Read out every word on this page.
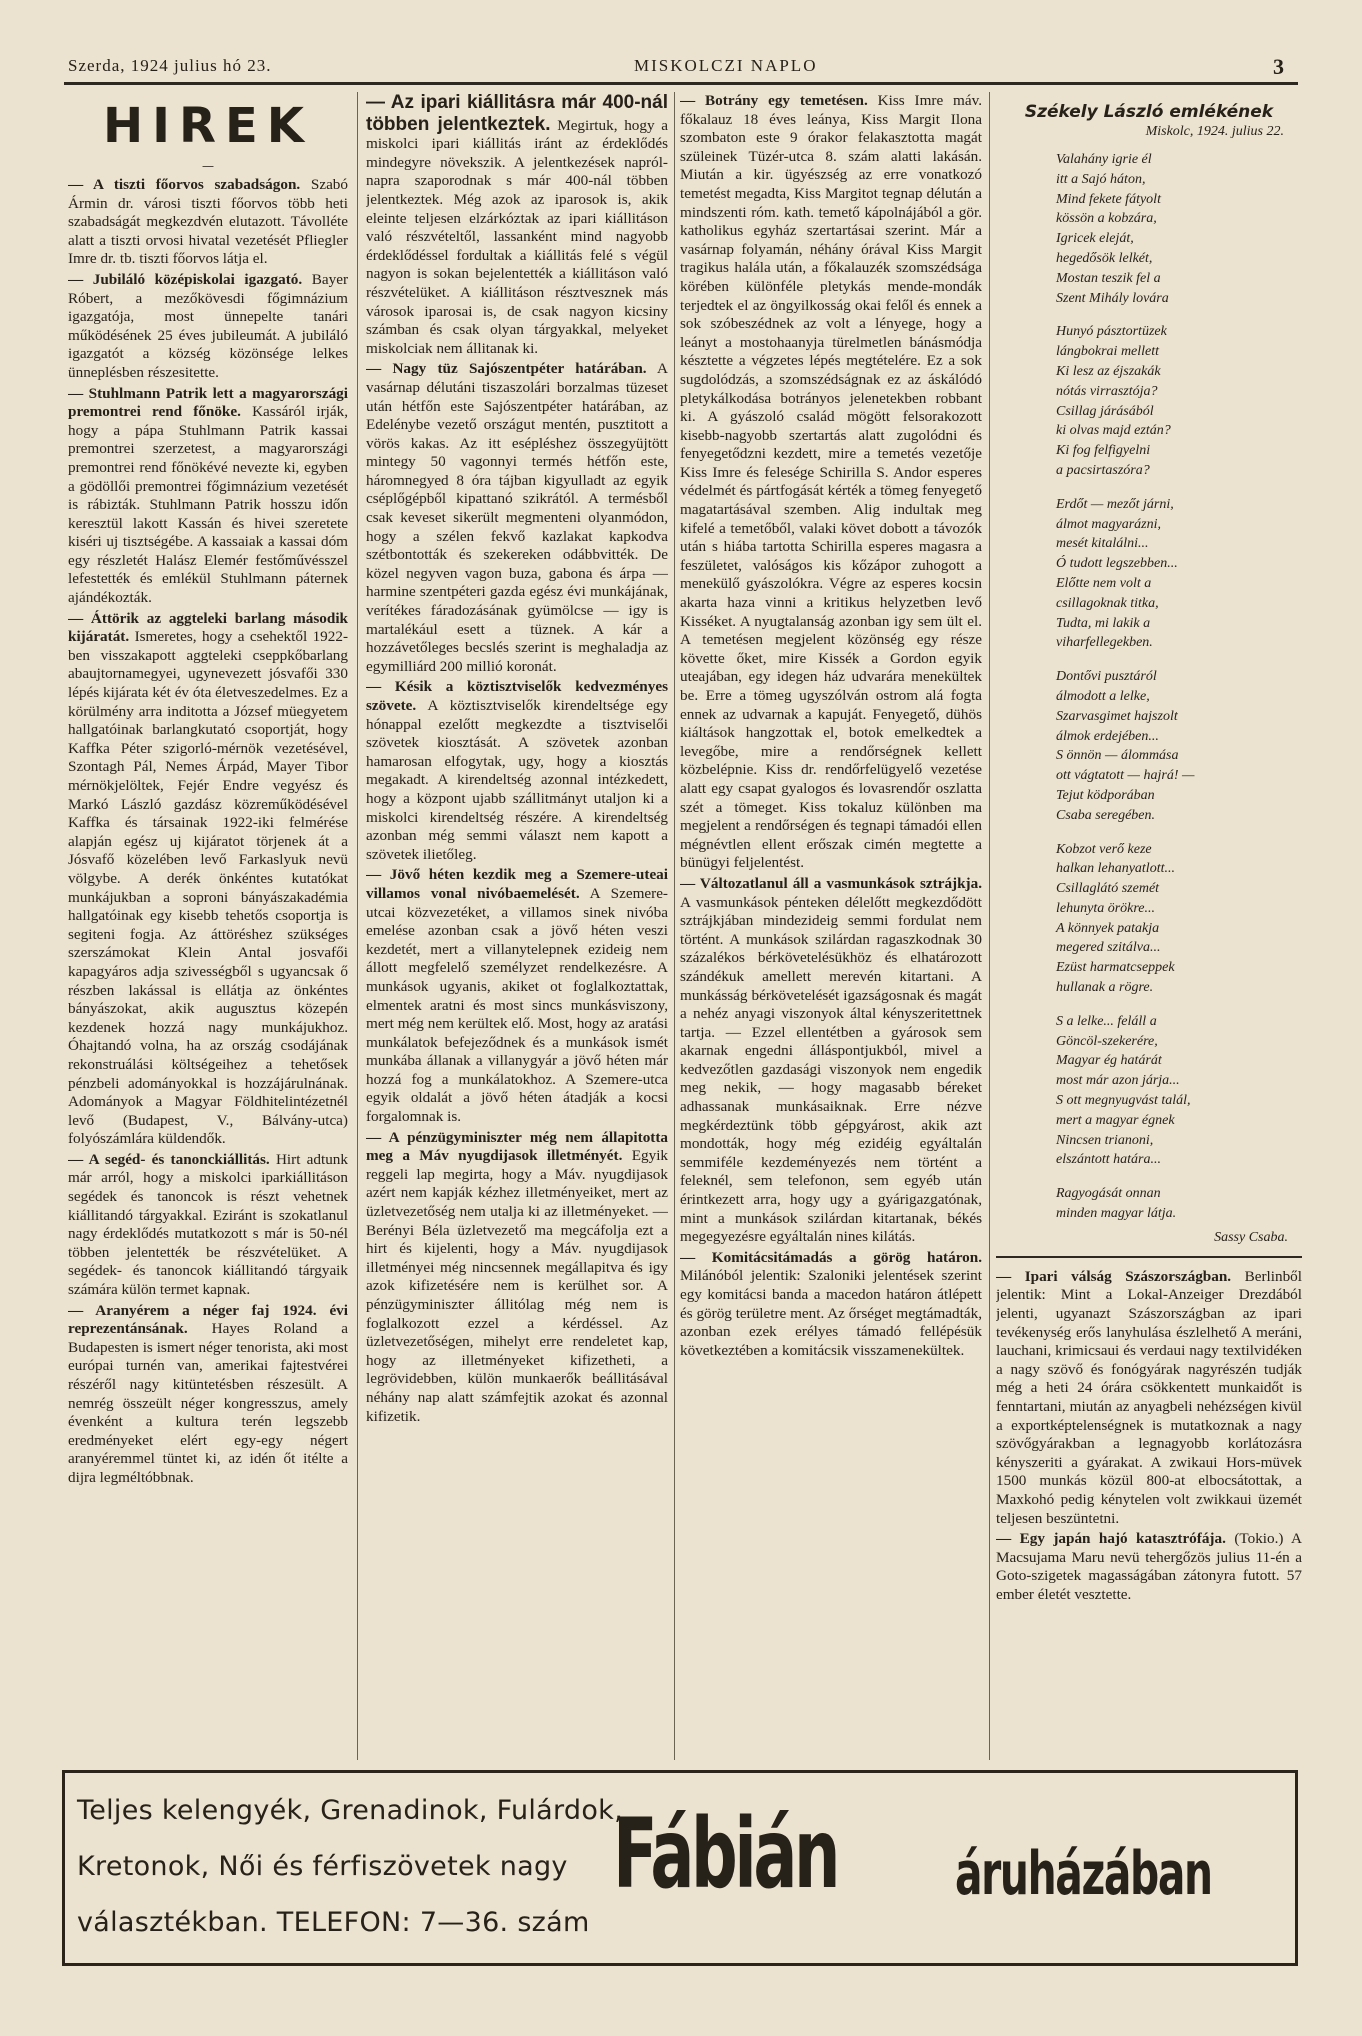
Szerda, 1924 julius hó 23.	MISKOLCZI NAPLO	3
HIREK
—
— A tiszti főorvos szabadságon. Szabó Ármin dr. városi tiszti főorvos több heti szabadságát megkezdvén elutazott. Távolléte alatt a tiszti orvosi hivatal vezetését Pfliegler Imre dr. tb. tiszti főorvos látja el.
— Jubiláló középiskolai igazgató. Bayer Róbert, a mezőkövesdi főgimnázium igazgatója, most ünnepelte tanári működésének 25 éves jubileumát. A jubiláló igazgatót a község közönsége lelkes ünneplésben részesitette.
— Stuhlmann Patrik lett a magyarországi premontrei rend főnöke. Kassáról irják, hogy a pápa Stuhlmann Patrik kassai premontrei szerzetest, a magyarországi premontrei rend főnökévé nevezte ki, egyben a gödöllői premontrei főgimnázium vezetését is rábizták. Stuhlmann Patrik hosszu időn keresztül lakott Kassán és hivei szeretete kiséri uj tisztségébe. A kassaiak a kassai dóm egy részletét Halász Elemér festőművésszel lefestették és emlékül Stuhlmann páternek ajándékozták.
— Áttörik az aggteleki barlang második kijáratát. Ismeretes, hogy a csehektől 1922-ben visszakapott aggteleki cseppkőbarlang abaujtornamegyei, ugynevezett jósvafői 330 lépés kijárata két év óta életveszedelmes. Ez a körülmény arra inditotta a József müegyetem hallgatóinak barlangkutató csoportját, hogy Kaffka Péter szigorló-mérnök vezetésével, Szontagh Pál, Nemes Árpád, Mayer Tibor mérnökjelöltek, Fejér Endre vegyész és Markó László gazdász közreműködésével Kaffka és társainak 1922-iki felmérése alapján egész uj kijáratot törjenek át a Jósvafő közelében levő Farkaslyuk nevü völgybe. A derék önkéntes kutatókat munkájukban a soproni bányászakadémia hallgatóinak egy kisebb tehetős csoportja is segiteni fogja. Az áttöréshez szükséges szerszámokat Klein Antal josvafői kapagyáros adja szivességből s ugyancsak ő részben lakással is ellátja az önkéntes bányászokat, akik augusztus közepén kezdenek hozzá nagy munkájukhoz. Óhajtandó volna, ha az ország csodájának rekonstruálási költségeihez a tehetősek pénzbeli adományokkal is hozzájárulnának. Adományok a Magyar Földhitelintézetnél levő (Budapest, V., Bálvány-utca) folyószámlára küldendők.
— A segéd- és tanonckiállitás. Hirt adtunk már arról, hogy a miskolci iparkiállitáson segédek és tanoncok is részt vehetnek kiállitandó tárgyakkal. Eziránt is szokatlanul nagy érdeklődés mutatkozott s már is 50-nél többen jelentették be részvételüket. A segédek- és tanoncok kiállitandó tárgyaik számára külön termet kapnak.
— Aranyérem a néger faj 1924. évi reprezentánsának. Hayes Roland a Budapesten is ismert néger tenorista, aki most európai turnén van, amerikai fajtestvérei részéről nagy kitüntetésben részesült. A nemrég összeült néger kongresszus, amely évenként a kultura terén legszebb eredményeket elért egy-egy négert aranyéremmel tüntet ki, az idén őt itélte a dijra legméltóbbnak.
— Az ipari kiállitásra már 400-nál többen jelentkeztek. Megirtuk, hogy a miskolci ipari kiállitás iránt az érdeklődés mindegyre növekszik. A jelentkezések napról-napra szaporodnak s már 400-nál többen jelentkeztek. Még azok az iparosok is, akik eleinte teljesen elzárkóztak az ipari kiállitáson való részvételtől, lassanként mind nagyobb érdeklődéssel fordultak a kiállitás felé s végül nagyon is sokan bejelentették a kiállitáson való részvételüket. A kiállitáson résztvesznek más városok iparosai is, de csak nagyon kicsiny számban és csak olyan tárgyakkal, melyeket miskolciak nem állitanak ki.
— Nagy tüz Sajószentpéter határában. A vasárnap délutáni tiszaszolári borzalmas tüzeset után hétfőn este Sajószentpéter határában, az Edelénybe vezető országut mentén, pusztitott a vörös kakas. Az itt esépléshez összegyüjtött mintegy 50 vagonnyi termés hétfőn este, háromnegyed 8 óra tájban kigyulladt az egyik cséplőgépből kipattanó szikrától. A termésből csak keveset sikerült megmenteni olyanmódon, hogy a szélen fekvő kazlakat kapkodva szétbontották és szekereken odábbvitték. De közel negyven vagon buza, gabona és árpa — harmine szentpéteri gazda egész évi munkájának, verítékes fáradozásának gyümölcse — igy is martalékául esett a tüznek. A kár a hozzávetőleges becslés szerint is meghaladja az egymilliárd 200 millió koronát.
— Késik a köztisztviselők kedvezményes szövete. A köztisztviselők kirendeltsége egy hónappal ezelőtt megkezdte a tisztviselői szövetek kiosztását. A szövetek azonban hamarosan elfogytak, ugy, hogy a kiosztás megakadt. A kirendeltség azonnal intézkedett, hogy a központ ujabb szállitmányt utaljon ki a miskolci kirendeltség részére. A kirendeltség azonban még semmi választ nem kapott a szövetek ilietőleg.
— Jövő héten kezdik meg a Szemere-uteai villamos vonal nivóbaemelését. A Szemere-utcai közvezetéket, a villamos sinek nivóba emelése azonban csak a jövő héten veszi kezdetét, mert a villanytelepnek ezideig nem állott megfelelő személyzet rendelkezésre. A munkások ugyanis, akiket ot foglalkoztattak, elmentek aratni és most sincs munkásviszony, mert még nem kerültek elő. Most, hogy az aratási munkálatok befejeződnek és a munkások ismét munkába állanak a villanygyár a jövő héten már hozzá fog a munkálatokhoz. A Szemere-utca egyik oldalát a jövő héten átadják a kocsi forgalomnak is.
— A pénzügyminiszter még nem állapitotta meg a Máv nyugdijasok illetményét. Egyik reggeli lap megirta, hogy a Máv. nyugdijasok azért nem kapják kézhez illetményeiket, mert az üzletvezetőség nem utalja ki az illetményeket. — Berényi Béla üzletvezető ma megcáfolja ezt a hirt és kijelenti, hogy a Máv. nyugdijasok illetményei még nincsennek megállapitva és igy azok kifizetésére nem is kerülhet sor. A pénzügyminiszter állitólag még nem is foglalkozott ezzel a kérdéssel. Az üzletvezetőségen, mihelyt erre rendeletet kap, hogy az illetményeket kifizetheti, a legrövidebben, külön munkaerők beállitásával néhány nap alatt számfejtik azokat és azonnal kifizetik.
— Botrány egy temetésen. Kiss Imre máv. főkalauz 18 éves leánya, Kiss Margit Ilona szombaton este 9 órakor felakasztotta magát szüleinek Tüzér-utca 8. szám alatti lakásán. Miután a kir. ügyészség az erre vonatkozó temetést megadta, Kiss Margitot tegnap délután a mindszenti róm. kath. temető kápolnájából a gör. katholikus egyház szertartásai szerint. Már a vasárnap folyamán, néhány órával Kiss Margit tragikus halála után, a főkalauzék szomszédsága körében különféle pletykás mende-mondák terjedtek el az öngyilkosság okai felől és ennek a sok szóbeszédnek az volt a lényege, hogy a leányt a mostohaanyja türelmetlen bánásmódja késztette a végzetes lépés megtételére. Ez a sok sugdolódzás, a szomszédságnak ez az áskálódó pletykálkodása botrányos jelenetekben robbant ki. A gyászoló család mögött felsorakozott kisebb-nagyobb szertartás alatt zugolódni és fenyegetődzni kezdett, mire a temetés vezetője Kiss Imre és felesége Schirilla S. Andor esperes védelmét és pártfogását kérték a tömeg fenyegető magatartásával szemben. Alig indultak meg kifelé a temetőből, valaki követ dobott a távozók után s hiába tartotta Schirilla esperes magasra a feszületet, valóságos kis kőzápor zuhogott a menekülő gyászolókra. Végre az esperes kocsin akarta haza vinni a kritikus helyzetben levő Kisséket. A nyugtalanság azonban igy sem ült el. A temetésen megjelent közönség egy része követte őket, mire Kissék a Gordon egyik uteajában, egy idegen ház udvarára menekültek be. Erre a tömeg ugyszólván ostrom alá fogta ennek az udvarnak a kapuját. Fenyegető, dühös kiáltások hangzottak el, botok emelkedtek a levegőbe, mire a rendőrségnek kellett közbelépnie. Kiss dr. rendőrfelügyelő vezetése alatt egy csapat gyalogos és lovasrendőr oszlatta szét a tömeget. Kiss tokaluz különben ma megjelent a rendőrségen és tegnapi támadói ellen mégnévtlen ellent erőszak cimén megtette a bünügyi feljelentést.
— Változatlanul áll a vasmunkások sztrájkja. A vasmunkások pénteken délelőtt megkezdődött sztrájkjában mindezideig semmi fordulat nem történt. A munkások szilárdan ragaszkodnak 30 százalékos bérkövetelésükhöz és elhatározott szándékuk amellett merevén kitartani. A munkásság bérkövetelését igazságosnak és magát a nehéz anyagi viszonyok által kényszeritettnek tartja. — Ezzel ellentétben a gyárosok sem akarnak engedni álláspontjukból, mivel a kedvezőtlen gazdasági viszonyok nem engedik meg nekik, — hogy magasabb béreket adhassanak munkásaiknak. Erre nézve megkérdeztünk több gépgyárost, akik azt mondották, hogy még ezidéig egyáltalán semmiféle kezdeményezés nem történt a feleknél, sem telefonon, sem egyéb után érintkezett arra, hogy ugy a gyárigazgatónak, mint a munkások szilárdan kitartanak, békés megegyezésre egyáltalán nines kilátás.
— Komitácsitámadás a görög határon. Milánóból jelentik: Szaloniki jelentések szerint egy komitácsi banda a macedon határon átlépett és görög területre ment. Az őrséget megtámadták, azonban ezek erélyes támadó fellépésük következtében a komitácsik visszamenekültek.
Székely László emlékének
Miskolc, 1924. julius 22.
Valahány igrie él
itt a Sajó háton,
Mind fekete fátyolt
kössön a kobzára,
Igricek eleját,
hegedősök lelkét,
Mostan teszik fel a
Szent Mihály lovára
Hunyó pásztortüzek
lángbokrai mellett
Ki lesz az éjszakák
nótás virrasztója?
Csillag járásából
ki olvas majd eztán?
Ki fog felfigyelni
a pacsirtaszóra?
Erdőt — mezőt járni,
álmot magyarázni,
mesét kitalálni...
Ó tudott legszebben...
Előtte nem volt a
csillagoknak titka,
Tudta, mi lakik a
viharfellegekben.
Dontővi pusztáról
álmodott a lelke,
Szarvasgimet hajszolt
álmok erdejében...
S önnön — álommása
ott vágtatott — hajrá! —
Tejut ködporában
Csaba seregében.
Kobzot verő keze
halkan lehanyatlott...
Csillaglátó szemét
lehunyta örökre...
A könnyek patakja
megered szitálva...
Ezüst harmatcseppek
hullanak a rögre.
S a lelke... feláll a
Göncöl-szekerére,
Magyar ég határát
most már azon járja...
S ott megnyugvást talál,
mert a magyar égnek
Nincsen trianoni,
elszántott határa...
Ragyogását onnan
minden magyar látja.
Sassy Csaba.
— Ipari válság Szászországban. Berlinből jelentik: Mint a Lokal-Anzeiger Drezdából jelenti, ugyanazt Szászországban az ipari tevékenység erős lanyhulása észlelhető A meráni, lauchani, krimicsaui és verdaui nagy textilvidéken a nagy szövő és fonógyárak nagyrészén tudják még a heti 24 órára csökkentett munkaidőt is fenntartani, miután az anyagbeli nehézségen kivül a exportképtelenségnek is mutatkoznak a nagy szövőgyárakban a legnagyobb korlátozásra kényszeriti a gyárakat. A zwikaui Hors-müvek 1500 munkás közül 800-at elbocsátottak, a Maxkohó pedig kénytelen volt zwikkaui üzemét teljesen beszüntetni.
— Egy japán hajó katasztrófája. (Tokio.) A Macsujama Maru nevü tehergőzös julius 11-én a Goto-szigetek magasságában zátonyra futott. 57 ember életét vesztette.
Teljes kelengyék, Grenadinok, Fulárdok,
Kretonok, Női és férfiszövetek nagy
választékban. TELEFON: 7—36. szám
Fábián áruházában
